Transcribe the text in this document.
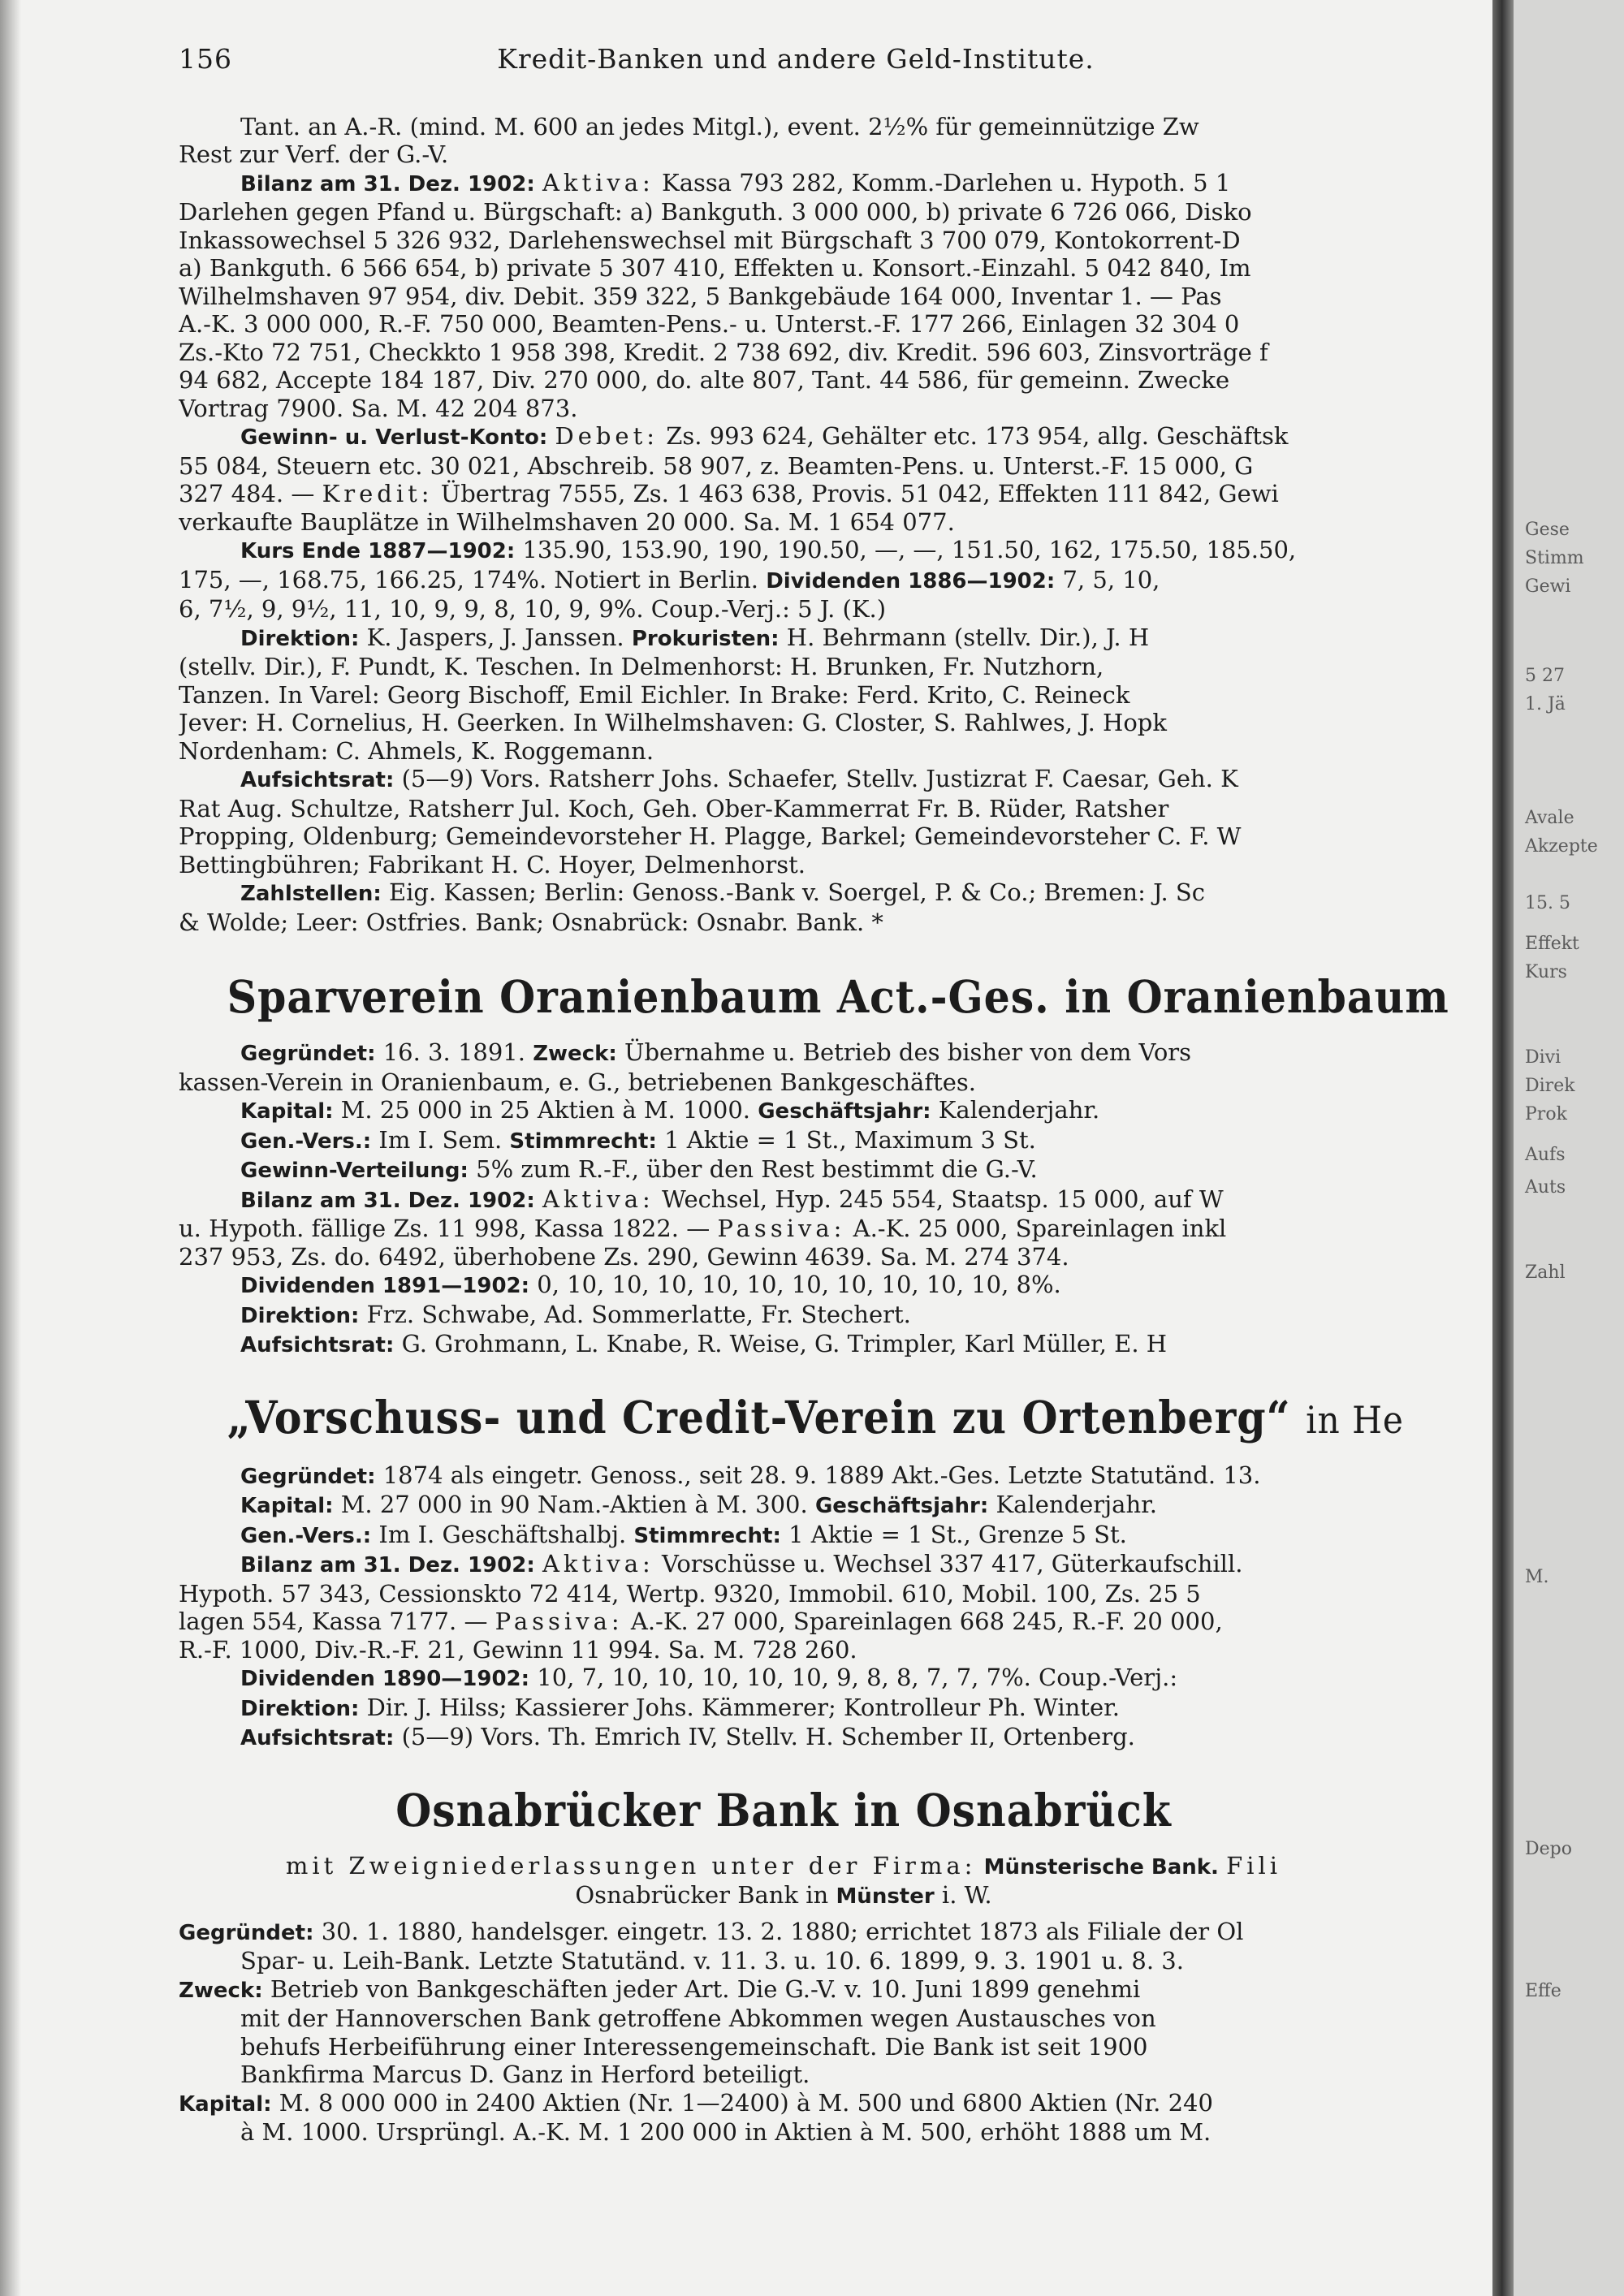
156	Kredit-Banken und andere Geld-Institute.
Tant. an A.-R. (mind. M. 600 an jedes Mitgl.), event. 2½% für gemeinnützige Zw
Rest zur Verf. der G.-V.
Bilanz am 31. Dez. 1902: Aktiva: Kassa 793 282, Komm.-Darlehen u. Hypoth. 5 1
Darlehen gegen Pfand u. Bürgschaft: a) Bankguth. 3 000 000, b) private 6 726 066, Disko
Inkassowechsel 5 326 932, Darlehenswechsel mit Bürgschaft 3 700 079, Kontokorrent-D
a) Bankguth. 6 566 654, b) private 5 307 410, Effekten u. Konsort.-Einzahl. 5 042 840, Im
Wilhelmshaven 97 954, div. Debit. 359 322, 5 Bankgebäude 164 000, Inventar 1. — Pas
A.-K. 3 000 000, R.-F. 750 000, Beamten-Pens.- u. Unterst.-F. 177 266, Einlagen 32 304 0
Zs.-Kto 72 751, Checkkto 1 958 398, Kredit. 2 738 692, div. Kredit. 596 603, Zinsvorträge f
94 682, Accepte 184 187, Div. 270 000, do. alte 807, Tant. 44 586, für gemeinn. Zwecke
Vortrag 7900. Sa. M. 42 204 873.
Gewinn- u. Verlust-Konto: Debet: Zs. 993 624, Gehälter etc. 173 954, allg. Geschäftsk
55 084, Steuern etc. 30 021, Abschreib. 58 907, z. Beamten-Pens. u. Unterst.-F. 15 000, G
327 484. — Kredit: Übertrag 7555, Zs. 1 463 638, Provis. 51 042, Effekten 111 842, Gewi
verkaufte Bauplätze in Wilhelmshaven 20 000. Sa. M. 1 654 077.
Kurs Ende 1887—1902: 135.90, 153.90, 190, 190.50, —, —, 151.50, 162, 175.50, 185.50,
175, —, 168.75, 166.25, 174%. Notiert in Berlin. Dividenden 1886—1902: 7, 5, 10,
6, 7½, 9, 9½, 11, 10, 9, 9, 8, 10, 9, 9%. Coup.-Verj.: 5 J. (K.)
Direktion: K. Jaspers, J. Janssen. Prokuristen: H. Behrmann (stellv. Dir.), J. H
(stellv. Dir.), F. Pundt, K. Teschen. In Delmenhorst: H. Brunken, Fr. Nutzhorn,
Tanzen. In Varel: Georg Bischoff, Emil Eichler. In Brake: Ferd. Krito, C. Reineck
Jever: H. Cornelius, H. Geerken. In Wilhelmshaven: G. Closter, S. Rahlwes, J. Hopk
Nordenham: C. Ahmels, K. Roggemann.
Aufsichtsrat: (5—9) Vors. Ratsherr Johs. Schaefer, Stellv. Justizrat F. Caesar, Geh. K
Rat Aug. Schultze, Ratsherr Jul. Koch, Geh. Ober-Kammerrat Fr. B. Rüder, Ratsher
Propping, Oldenburg; Gemeindevorsteher H. Plagge, Barkel; Gemeindevorsteher C. F. W
Bettingbühren; Fabrikant H. C. Hoyer, Delmenhorst.
Zahlstellen: Eig. Kassen; Berlin: Genoss.-Bank v. Soergel, P. & Co.; Bremen: J. Sc
& Wolde; Leer: Ostfries. Bank; Osnabrück: Osnabr. Bank. *
Sparverein Oranienbaum Act.-Ges. in Oranienbaum
Gegründet: 16. 3. 1891. Zweck: Übernahme u. Betrieb des bisher von dem Vors
kassen-Verein in Oranienbaum, e. G., betriebenen Bankgeschäftes.
Kapital: M. 25 000 in 25 Aktien à M. 1000. Geschäftsjahr: Kalenderjahr.
Gen.-Vers.: Im I. Sem. Stimmrecht: 1 Aktie = 1 St., Maximum 3 St.
Gewinn-Verteilung: 5% zum R.-F., über den Rest bestimmt die G.-V.
Bilanz am 31. Dez. 1902: Aktiva: Wechsel, Hyp. 245 554, Staatsp. 15 000, auf W
u. Hypoth. fällige Zs. 11 998, Kassa 1822. — Passiva: A.-K. 25 000, Spareinlagen inkl
237 953, Zs. do. 6492, überhobene Zs. 290, Gewinn 4639. Sa. M. 274 374.
Dividenden 1891—1902: 0, 10, 10, 10, 10, 10, 10, 10, 10, 10, 10, 8%.
Direktion: Frz. Schwabe, Ad. Sommerlatte, Fr. Stechert.
Aufsichtsrat: G. Grohmann, L. Knabe, R. Weise, G. Trimpler, Karl Müller, E. H
„Vorschuss- und Credit-Verein zu Ortenberg“ in He
Gegründet: 1874 als eingetr. Genoss., seit 28. 9. 1889 Akt.-Ges. Letzte Statutänd. 13.
Kapital: M. 27 000 in 90 Nam.-Aktien à M. 300. Geschäftsjahr: Kalenderjahr.
Gen.-Vers.: Im I. Geschäftshalbj. Stimmrecht: 1 Aktie = 1 St., Grenze 5 St.
Bilanz am 31. Dez. 1902: Aktiva: Vorschüsse u. Wechsel 337 417, Güterkaufschill.
Hypoth. 57 343, Cessionskto 72 414, Wertp. 9320, Immobil. 610, Mobil. 100, Zs. 25 5
lagen 554, Kassa 7177. — Passiva: A.-K. 27 000, Spareinlagen 668 245, R.-F. 20 000,
R.-F. 1000, Div.-R.-F. 21, Gewinn 11 994. Sa. M. 728 260.
Dividenden 1890—1902: 10, 7, 10, 10, 10, 10, 10, 9, 8, 8, 7, 7, 7%. Coup.-Verj.:
Direktion: Dir. J. Hilss; Kassierer Johs. Kämmerer; Kontrolleur Ph. Winter.
Aufsichtsrat: (5—9) Vors. Th. Emrich IV, Stellv. H. Schember II, Ortenberg.
Osnabrücker Bank in Osnabrück
mit Zweigniederlassungen unter der Firma: Münsterische Bank. Fili
Osnabrücker Bank in Münster i. W.
Gegründet: 30. 1. 1880, handelsger. eingetr. 13. 2. 1880; errichtet 1873 als Filiale der Ol
Spar- u. Leih-Bank. Letzte Statutänd. v. 11. 3. u. 10. 6. 1899, 9. 3. 1901 u. 8. 3.
Zweck: Betrieb von Bankgeschäften jeder Art. Die G.-V. v. 10. Juni 1899 genehmi
mit der Hannoverschen Bank getroffene Abkommen wegen Austausches von
behufs Herbeiführung einer Interessengemeinschaft. Die Bank ist seit 1900
Bankfirma Marcus D. Ganz in Herford beteiligt.
Kapital: M. 8 000 000 in 2400 Aktien (Nr. 1—2400) à M. 500 und 6800 Aktien (Nr. 240
à M. 1000. Ursprüngl. A.-K. M. 1 200 000 in Aktien à M. 500, erhöht 1888 um M.
Gese
Stimm
Gewi
5 27
1. Jä
Avale
Akzepte
15. 5
Effekt
Kurs
Divi
Direk
Prok
Aufs
Auts
Zahl
M.
Depo
Effe
